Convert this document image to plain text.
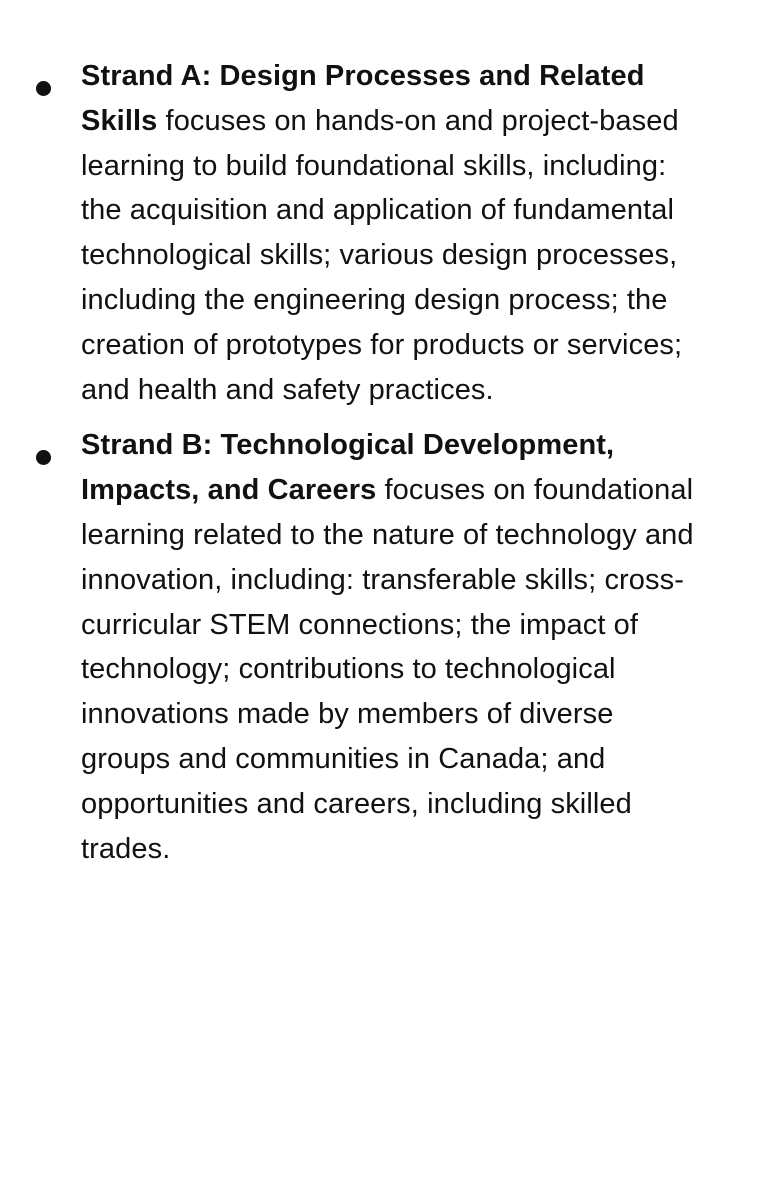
Strand A: Design Processes and Related Skills focuses on hands-on and project-based learning to build foundational skills, including: the acquisition and application of fundamental technological skills; various design processes, including the engineering design process; the creation of prototypes for products or services; and health and safety practices.
Strand B: Technological Development, Impacts, and Careers focuses on foundational learning related to the nature of technology and innovation, including: transferable skills; cross-curricular STEM connections; the impact of technology; contributions to technological innovations made by members of diverse groups and communities in Canada; and opportunities and careers, including skilled trades.
